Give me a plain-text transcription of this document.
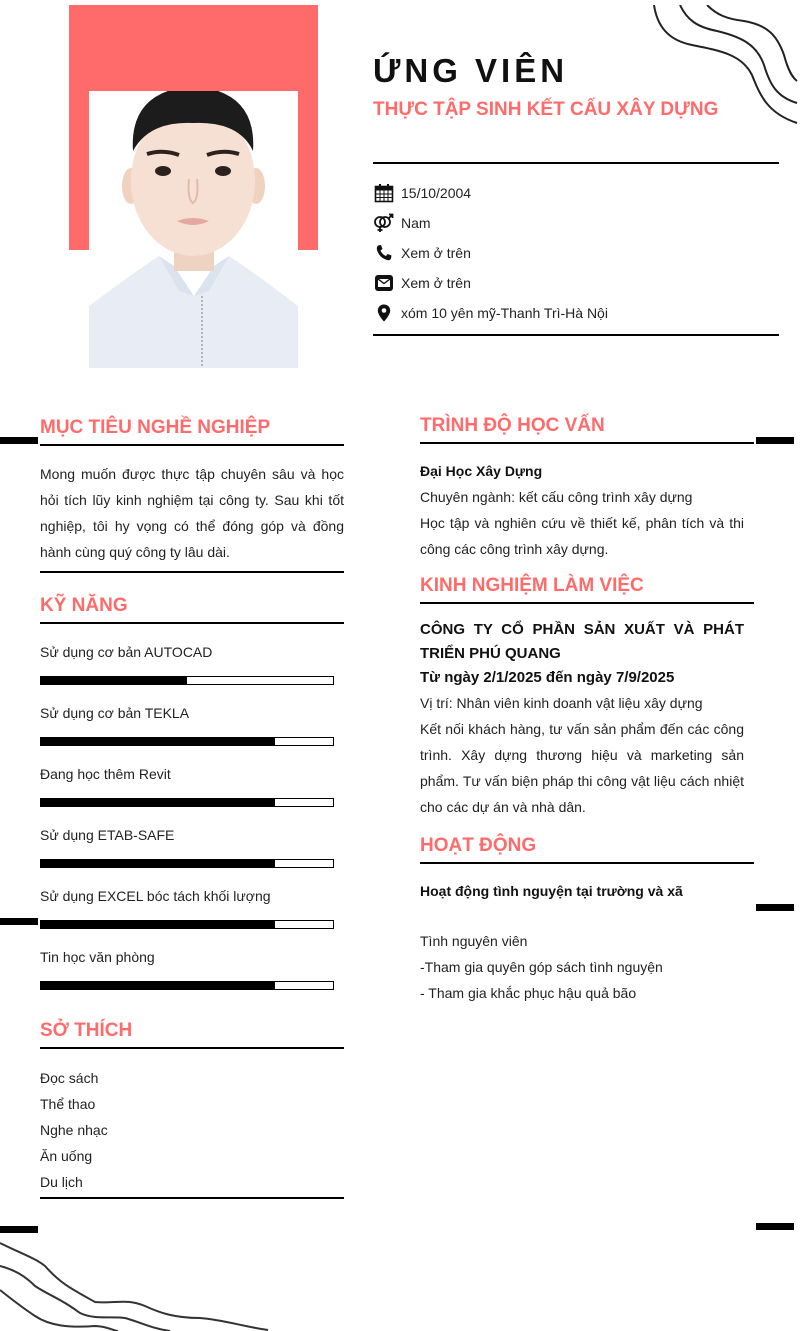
ỨNG VIÊN
THỰC TẬP SINH KẾT CẤU XÂY DỰNG
15/10/2004
Nam
Xem ở trên
Xem ở trên
xóm 10 yên mỹ-Thanh Trì-Hà Nội
MỤC TIÊU NGHỀ NGHIỆP
Mong muốn được thực tập chuyên sâu và học hỏi tích lũy kinh nghiệm tại công ty. Sau khi tốt nghiệp, tôi hy vọng có thể đóng góp và đồng hành cùng quý công ty lâu dài.
KỸ NĂNG
Sử dụng cơ bản AUTOCAD
Sử dụng cơ bản TEKLA
Đang học thêm Revit
Sử dụng ETAB-SAFE
Sử dụng EXCEL bóc tách khối lượng
Tin học văn phòng
SỞ THÍCH
Đọc sách
Thể thao
Nghe nhạc
Ăn uống
Du lịch
TRÌNH ĐỘ HỌC VẤN
Đại Học Xây Dựng
Chuyên ngành: kết cấu công trình xây dựng
Học tập và nghiên cứu về thiết kế, phân tích và thi công các công trình xây dựng.
KINH NGHIỆM LÀM VIỆC
CÔNG TY CỔ PHẦN SẢN XUẤT VÀ PHÁT TRIỂN PHÚ QUANG
Từ ngày 2/1/2025 đến ngày 7/9/2025
Vị trí: Nhân viên kinh doanh vật liệu xây dựng
Kết nối khách hàng, tư vấn sản phẩm đến các công trình. Xây dựng thương hiệu và marketing sản phẩm. Tư vấn biện pháp thi công vật liệu cách nhiệt cho các dự án và nhà dân.
HOẠT ĐỘNG
Hoạt động tình nguyện tại trường và xã
Tình nguyên viên
-Tham gia quyên góp sách tình nguyện
- Tham gia khắc phục hậu quả bão
